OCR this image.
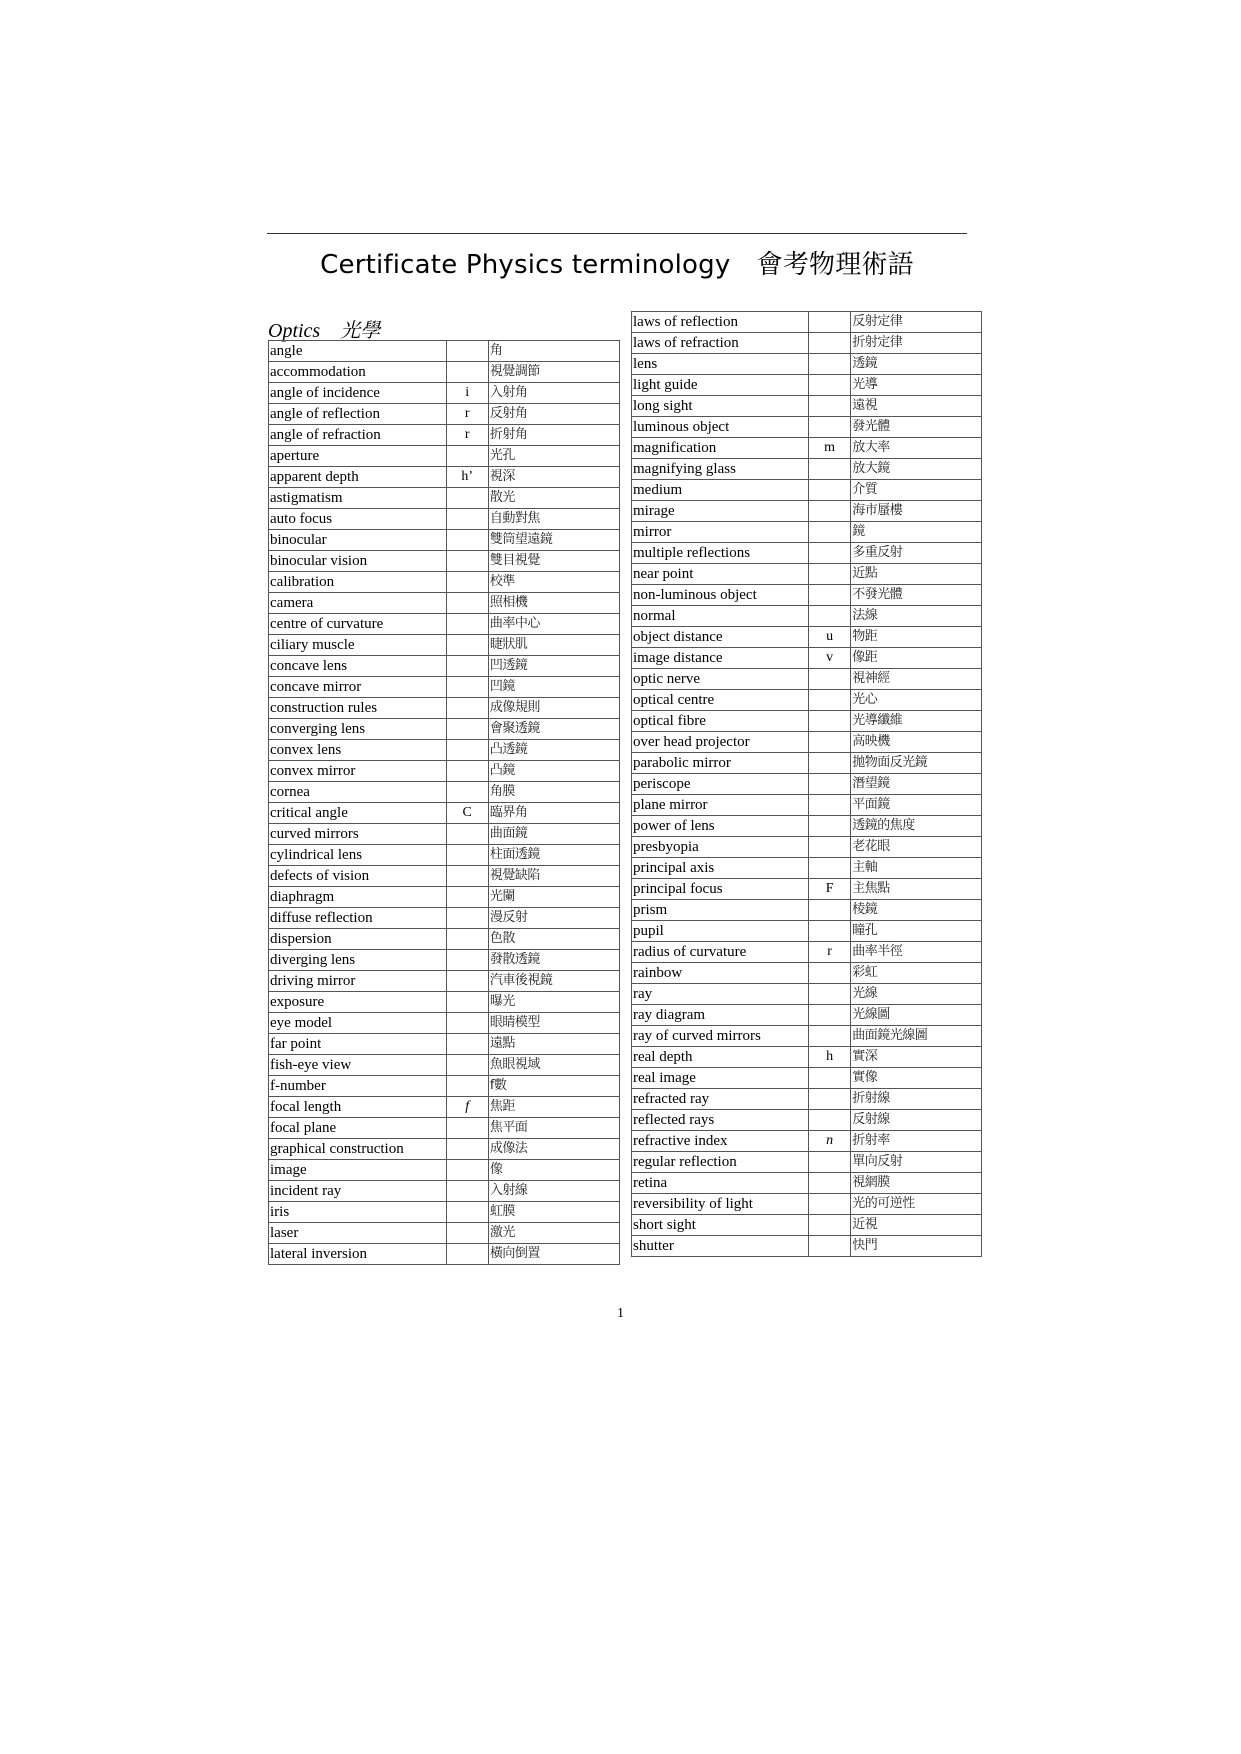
Certificate Physics terminology　會考物理術語
Optics　光學
angle		角
accommodation		視覺調節
angle of incidence	i	入射角
angle of reflection	r	反射角
angle of refraction	r	折射角
aperture		光孔
apparent depth	h’	視深
astigmatism		散光
auto focus		自動對焦
binocular		雙筒望遠鏡
binocular vision		雙目視覺
calibration		校準
camera		照相機
centre of curvature		曲率中心
ciliary muscle		睫狀肌
concave lens		凹透鏡
concave mirror		凹鏡
construction rules		成像規則
converging lens		會聚透鏡
convex lens		凸透鏡
convex mirror		凸鏡
cornea		角膜
critical angle	C	臨界角
curved mirrors		曲面鏡
cylindrical lens		柱面透鏡
defects of vision		視覺缺陷
diaphragm		光闌
diffuse reflection		漫反射
dispersion		色散
diverging lens		發散透鏡
driving mirror		汽車後視鏡
exposure		曝光
eye model		眼睛模型
far point		遠點
fish-eye view		魚眼視域
f-number		f數
focal length	f	焦距
focal plane		焦平面
graphical construction		成像法
image		像
incident ray		入射線
iris		虹膜
laser		激光
lateral inversion		橫向倒置
laws of reflection		反射定律
laws of refraction		折射定律
lens		透鏡
light guide		光導
long sight		遠視
luminous object		發光體
magnification	m	放大率
magnifying glass		放大鏡
medium		介質
mirage		海市蜃樓
mirror		鏡
multiple reflections		多重反射
near point		近點
non-luminous object		不發光體
normal		法線
object distance	u	物距
image distance	v	像距
optic nerve		視神經
optical centre		光心
optical fibre		光導纖維
over head projector		高映機
parabolic mirror		拋物面反光鏡
periscope		潛望鏡
plane mirror		平面鏡
power of lens		透鏡的焦度
presbyopia		老花眼
principal axis		主軸
principal focus	F	主焦點
prism		棱鏡
pupil		瞳孔
radius of curvature	r	曲率半徑
rainbow		彩虹
ray		光線
ray diagram		光線圖
ray of curved mirrors		曲面鏡光線圖
real depth	h	實深
real image		實像
refracted ray		折射線
reflected rays		反射線
refractive index	n	折射率
regular reflection		單向反射
retina		視網膜
reversibility of light		光的可逆性
short sight		近視
shutter		快門
1
